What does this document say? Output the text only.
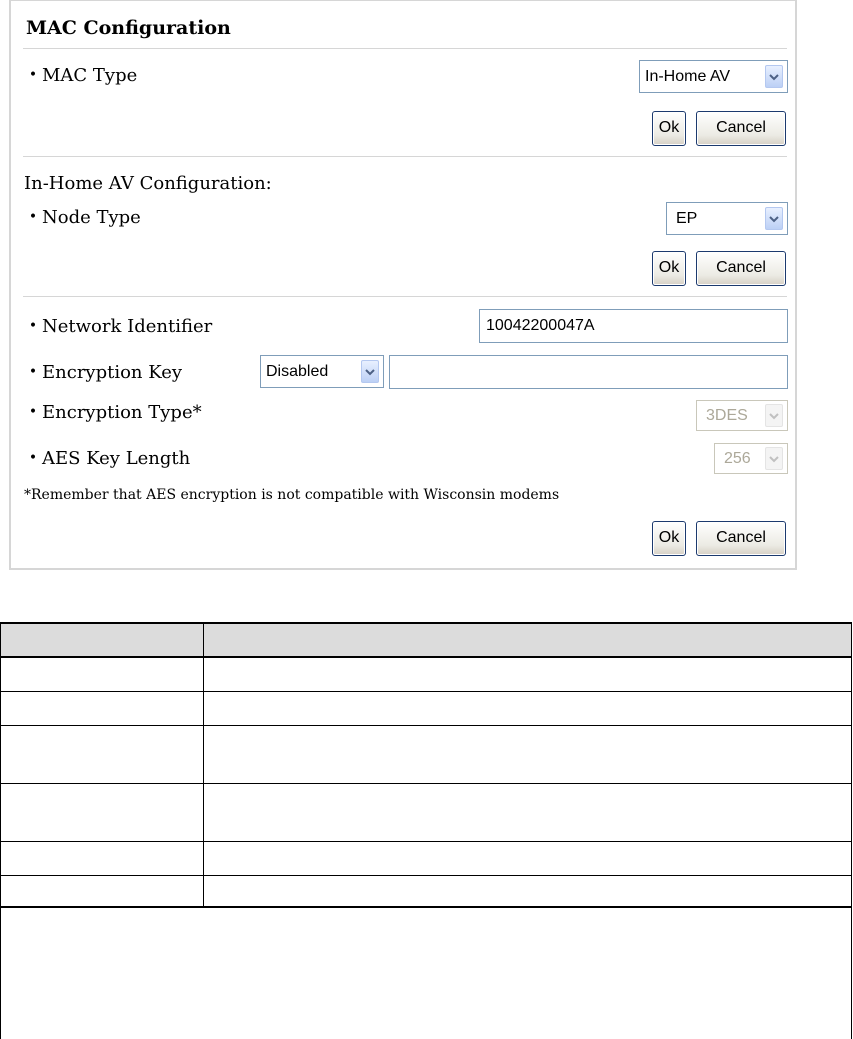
MAC Configuration
• MAC Type	In-Home AV
Ok	Cancel
In-Home AV Configuration:
• Node Type	EP
Ok	Cancel
• Network Identifier	10042200047A
• Encryption Key	Disabled
• Encryption Type*	3DES
• AES Key Length	256
*Remember that AES encryption is not compatible with Wisconsin modems
Ok	Cancel
